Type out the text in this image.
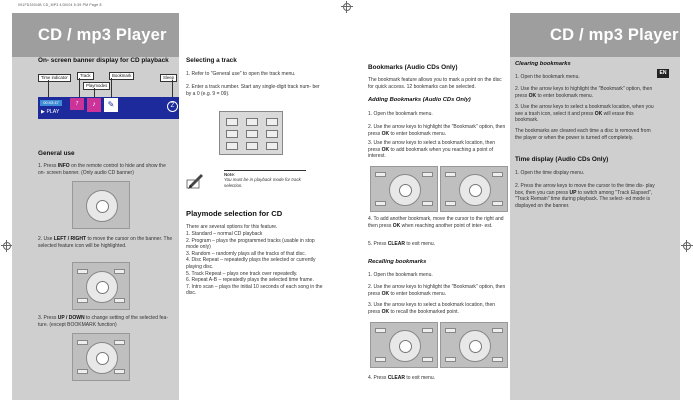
091FD393/4B CD_MP3 4/30/04 5:39 PM Page 8
CD / mp3 Player	CD / mp3 Player
EN
On- screen banner display for CD playback
Time indicator	Track
Playmodes
Bookmark	Sleep
00:03:47
▶ PLAY
7	♪	✎	Z
General use
1. Press INFO on the remote control to hide and show the on- screen banner. (Only audio CD banner)
2. Use LEFT / RIGHT to move the cursor on the banner. The selected feature icon will be highlighted.
3. Press UP / DOWN to change setting of the selected fea- ture. (except BOOKMARK function)
Selecting a track
1. Refer to "General use" to open the track menu.
2. Enter a track number. Start any single-digit track num- ber by a 0 (e.g. 9 = 09).
Note:
You must be in playback mode for track selection.
Playmode selection for CD
There are several options for this feature.
1. Standard – normal CD playback
2. Program – plays the programmed tracks (usable in stop mode only)
3. Random – randomly plays all the tracks of that disc.
4. Disc Repeat – repeatedly plays the selected or currently playing disc.
5. Track Repeat – plays one track over repeatedly.
6. Repeat A-B – repeatedly plays the selected time frame.
7. Intro scan – plays the initial 10 seconds of each song in the disc.
Bookmarks (Audio CDs Only)
The bookmark feature allows you to mark a point on the disc for quick access. 12 bookmarks can be selected.
Adding Bookmarks (Audio CDs Only)
1. Open the bookmark menu.
2. Use the arrow keys to highlight the "Bookmark" option, then press OK to enter bookmark menu.
3. Use the arrow keys to select a bookmark location, then press OK to add bookmark when you reaching a point of interest.
4. To add another bookmark, move the cursor to the right and then press OK when reaching another point of inter- est.
5. Press CLEAR to exit menu.
Recalling bookmarks
1. Open the bookmark menu.
2. Use the arrow keys to highlight the "Bookmark" option, then press OK to enter bookmark menu.
3. Use the arrow keys to select a bookmark location, then press OK to recall the bookmarked point.
4. Press CLEAR to exit menu.
Clearing bookmarks
1. Open the bookmark menu.
2. Use the arrow keys to highlight the "Bookmark" option, then press OK to enter bookmark menu.
3. Use the arrow keys to select a bookmark location, when you see a trash icon, select it and press OK will erase this bookmark.
The bookmarks are cleared each time a disc is removed from the player or when the power is turned off completely.
Time display (Audio CDs Only)
1. Open the time display menu.
2. Press the arrow keys to move the cursor to the time dis- play box, then you can press UP to switch among "Track Elapsed", "Track Remain" time during playback. The select- ed mode is displayed on the banner.
